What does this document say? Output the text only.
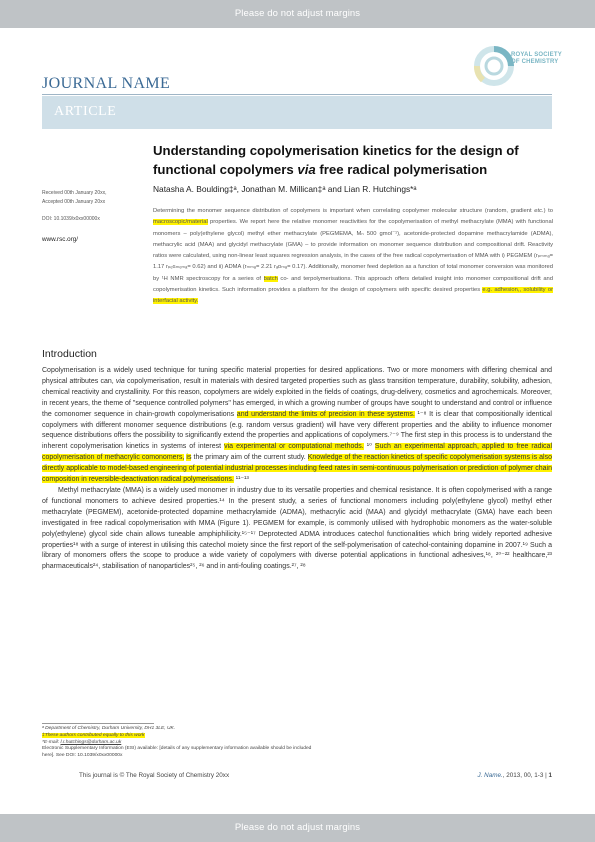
Please do not adjust margins
JOURNAL NAME
ARTICLE
ROYAL SOCIETY
OF CHEMISTRY
Received 00th January 20xx,
Accepted 00th January 20xx
DOI: 10.1039/x0xx00000x
www.rsc.org/
Understanding copolymerisation kinetics for the design of
functional copolymers via free radical polymerisation
Natasha A. Boulding‡ᵃ, Jonathan M. Millican‡ᵃ and Lian R. Hutchings*ᵃ
Determining the monomer sequence distribution of copolymers is important when correlating copolymer molecular structure (random, gradient etc.) to macroscopic/material properties. We report here the relative monomer reactivities for the copolymerisation of methyl methacrylate (MMA) with functional monomers – poly(ethylene glycol) methyl ether methacrylate (PEGMEMA, Mₙ 500 gmol⁻¹), acetonide-protected dopamine methacrylamide (ADMA), methacrylic acid (MAA) and glycidyl methacrylate (GMA) – to provide information on monomer sequence distribution and compositional drift. Reactivity ratios were calculated, using non-linear least squares regression analysis, in the cases of the free radical copolymerisation of MMA with i) PEGMEM (rₚₘₘₐ= 1.17 rₚₑɢₘₑₘₐ= 0.62) and ii) ADMA (rₘₘₐ= 2.21 rₐᴅₘₐ= 0.17). Additionally, monomer feed depletion as a function of total monomer conversion was monitored by ¹H NMR spectroscopy for a series of batch co- and terpolymerisations. This approach offers detailed insight into monomer compositional drift and copolymerisation kinetics. Such information provides a platform for the design of copolymers with specific desired properties e.g. adhesion,, solubility or interfacial activity.
Introduction

Copolymerisation is a widely used technique for tuning specific material properties for desired applications. Two or more monomers with differing chemical and physical attributes can, via copolymerisation, result in materials with desired targeted properties such as glass transition temperature, durability, solubility, adhesion, chemical reactivity and crystallinity. For this reason, copolymers are widely exploited in the fields of coatings, drug-delivery, cosmetics and agrochemicals. Moreover, in recent years, the theme of "sequence controlled polymers" has emerged, in which a growing number of groups have sought to understand and control or influence the comonomer sequence in chain-growth copolymerisations and understand the limits of precision in these systems. ¹⁻⁸ It is clear that compositionally identical copolymers with different monomer sequence distributions (e.g. random versus gradient) will have very different properties and the ability to influence monomer sequence distributions offers the possibility to significantly extend the properties and applications of copolymers.⁷⁻⁹ The first step in this process is to understand the inherent copolymerisation kinetics in systems of interest via experimental or computational methods. ¹⁰ Such an experimental approach, applied to free radical copolymerisation of methacrylic comonomers, is the primary aim of the current study. Knowledge of the reaction kinetics of specific copolymerisation systems is also directly applicable to model-based engineering of potential industrial processes including feed rates in semi-continuous polymerisation or prediction of polymer chain composition in reversible-deactivation radical polymerisations. ¹¹⁻¹³

Methyl methacrylate (MMA) is a widely used monomer in industry due to its versatile properties and chemical resistance. It is often copolymerised with a range of functional monomers to achieve desired properties.¹⁴ In the present study, a series of functional monomers including poly(ethylene glycol) methyl ether methacrylate (PEGMEM), acetonide-protected dopamine methacrylamide (ADMA), methacrylic acid (MAA) and glycidyl methacrylate (GMA) have each been investigated in free radical copolymerisation with MMA (Figure 1). PEGMEM for example, is commonly utilised with hydrophobic monomers as the water-soluble poly(ethylene) glycol side chain allows tuneable amphiphilicity.¹⁵⁻¹⁷ Deprotected ADMA introduces catechol functionalities which bring widely reported adhesive properties¹⁸ with a surge of interest in utilising this catechol moiety since the first report of the self-polymerisation of catechol-containing dopamine in 2007.¹⁹ Such a library of monomers offers the scope to produce a wide variety of copolymers with diverse potential applications in functional adhesives,¹⁸, ²⁰⁻²² healthcare,²³ pharmaceuticals²⁴, stabilisation of nanoparticles²⁵, ²⁶ and in anti-fouling coatings.²⁷, ²⁸

ᵃ Department of Chemistry, Durham University, DH1 3LE, UK.
‡These authors contributed equally to this work
*E-mail: l.r.hutchings@durham.ac.uk
Electronic Supplementary Information (ESI) available: [details of any supplementary information available should be included here]. See DOI: 10.1039/x0xx00000x
This journal is © The Royal Society of Chemistry 20xx	J. Name., 2013, 00, 1-3 | 1
Please do not adjust margins
